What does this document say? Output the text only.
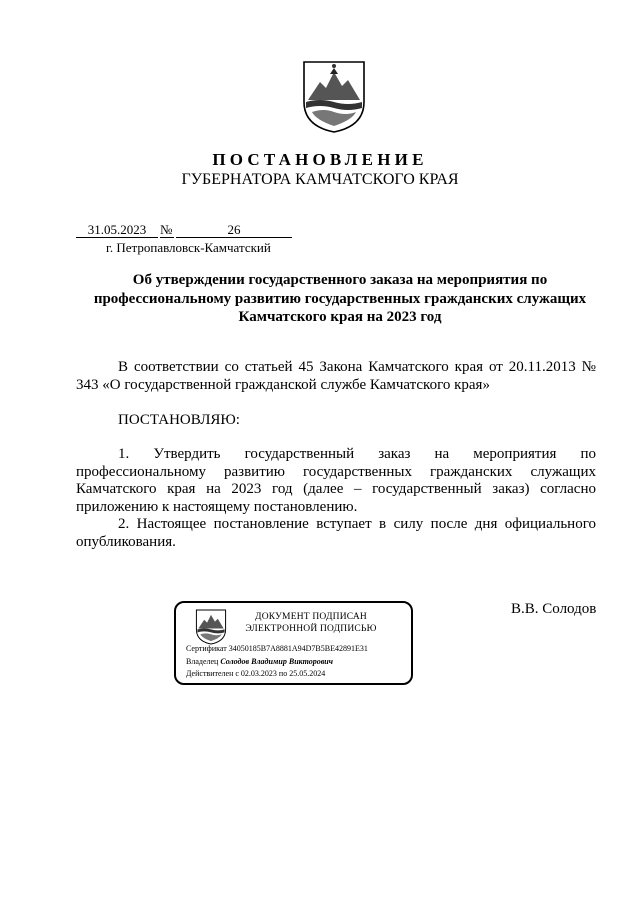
ПОСТАНОВЛЕНИЕ
ГУБЕРНАТОРА КАМЧАТСКОГО КРАЯ
31.05.2023	№	26
г. Петропавловск-Камчатский
Об утверждении государственного заказа на мероприятия по профессиональному развитию государственных гражданских служащих Камчатского края на 2023 год

В соответствии со статьей 45 Закона Камчатского края от 20.11.2013 № 343 «О государственной гражданской службе Камчатского края»

ПОСТАНОВЛЯЮ:

1. Утвердить государственный заказ на мероприятия по профессиональному развитию государственных гражданских служащих Камчатского края на 2023 год (далее – государственный заказ) согласно приложению к настоящему постановлению.

2. Настоящее постановление вступает в силу после дня официального опубликования.

ДОКУМЕНТ ПОДПИСАН
ЭЛЕКТРОННОЙ ПОДПИСЬЮ
Сертификат 34050185B7A8881A94D7B5BE42891E31
Владелец Солодов Владимир Викторович
Действителен с 02.03.2023 по 25.05.2024
В.В. Солодов
